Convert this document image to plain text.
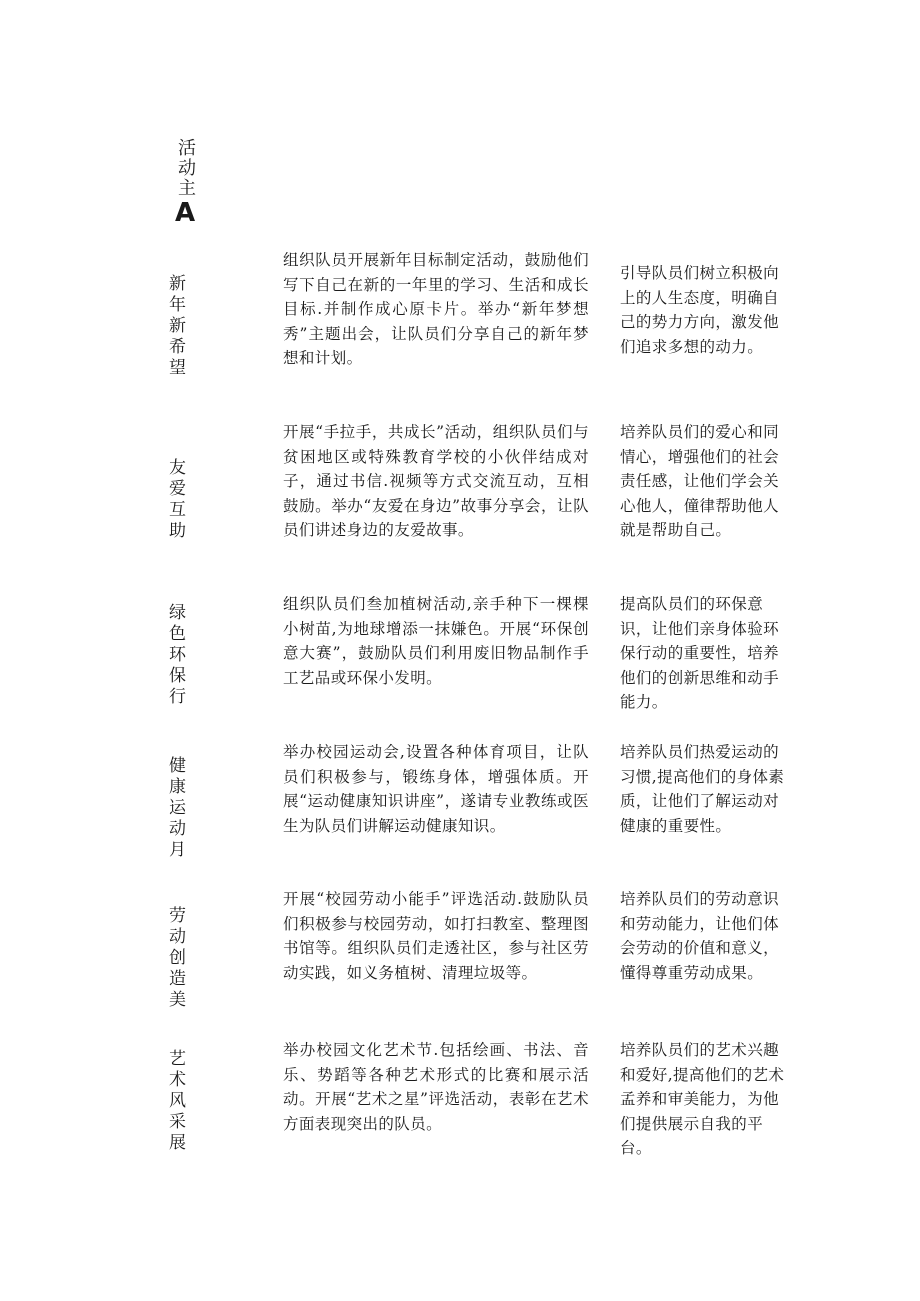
活动主A
新年新希望
组织队员开展新年目标制定活动，鼓励他们写下自己在新的一年里的学习、生活和成长目标.并制作成心原卡片。举办“新年梦想秀”主题出会，让队员们分享自己的新年梦想和计划。
引导队员们树立积极向上的人生态度，明确自己的势力方向，激发他们追求多想的动力。
友爱互助
开展“手拉手，共成长”活动，组织队员们与贫困地区或特殊教育学校的小伙伴结成对子，通过书信.视频等方式交流互动，互相鼓励。举办“友爱在身边”故事分享会，让队员们讲述身边的友爱故事。
培养队员们的爱心和同情心，增强他们的社会责任感，让他们学会关心他人，僮律帮助他人就是帮助自己。
绿色环保行	组织队员们叁加植树活动,亲手种下一棵棵小树苗,为地球增添一抹嫌色。开展“环保创意大赛”，鼓励队员们利用废旧物品制作手工艺品或环保小发明。
提高队员们的环保意识，让他们亲身体验环保行动的重要性，培养他们的创新思维和动手能力。
健康运动月
举办校园运动会,设置各种体育项目，让队员们积极参与，锻练身体，增强体质。开展“运动健康知识讲座”，遂请专业教练或医生为队员们讲解运动健康知识。
培养队员们热爱运动的习惯,提高他们的身体素质，让他们了解运动对健康的重要性。
劳动创造美
开展“校园劳动小能手”评选活动.鼓励队员们积极参与校园劳动，如打扫教室、整理图书馆等。组织队员们走透社区，参与社区劳动实践，如义务植树、清理垃圾等。
培养队员们的劳动意识和劳动能力，让他们体会劳动的价值和意义，懂得尊重劳动成果。
艺术风采展	举办校园文化艺术节.包括绘画、书法、音乐、势蹈等各种艺术形式的比赛和展示活动。开展“艺术之星”评选活动，表彰在艺术方面表现突出的队员。
培养队员们的艺术兴趣和爱好,提高他们的艺术孟养和审美能力，为他们提供展示自我的平台。
